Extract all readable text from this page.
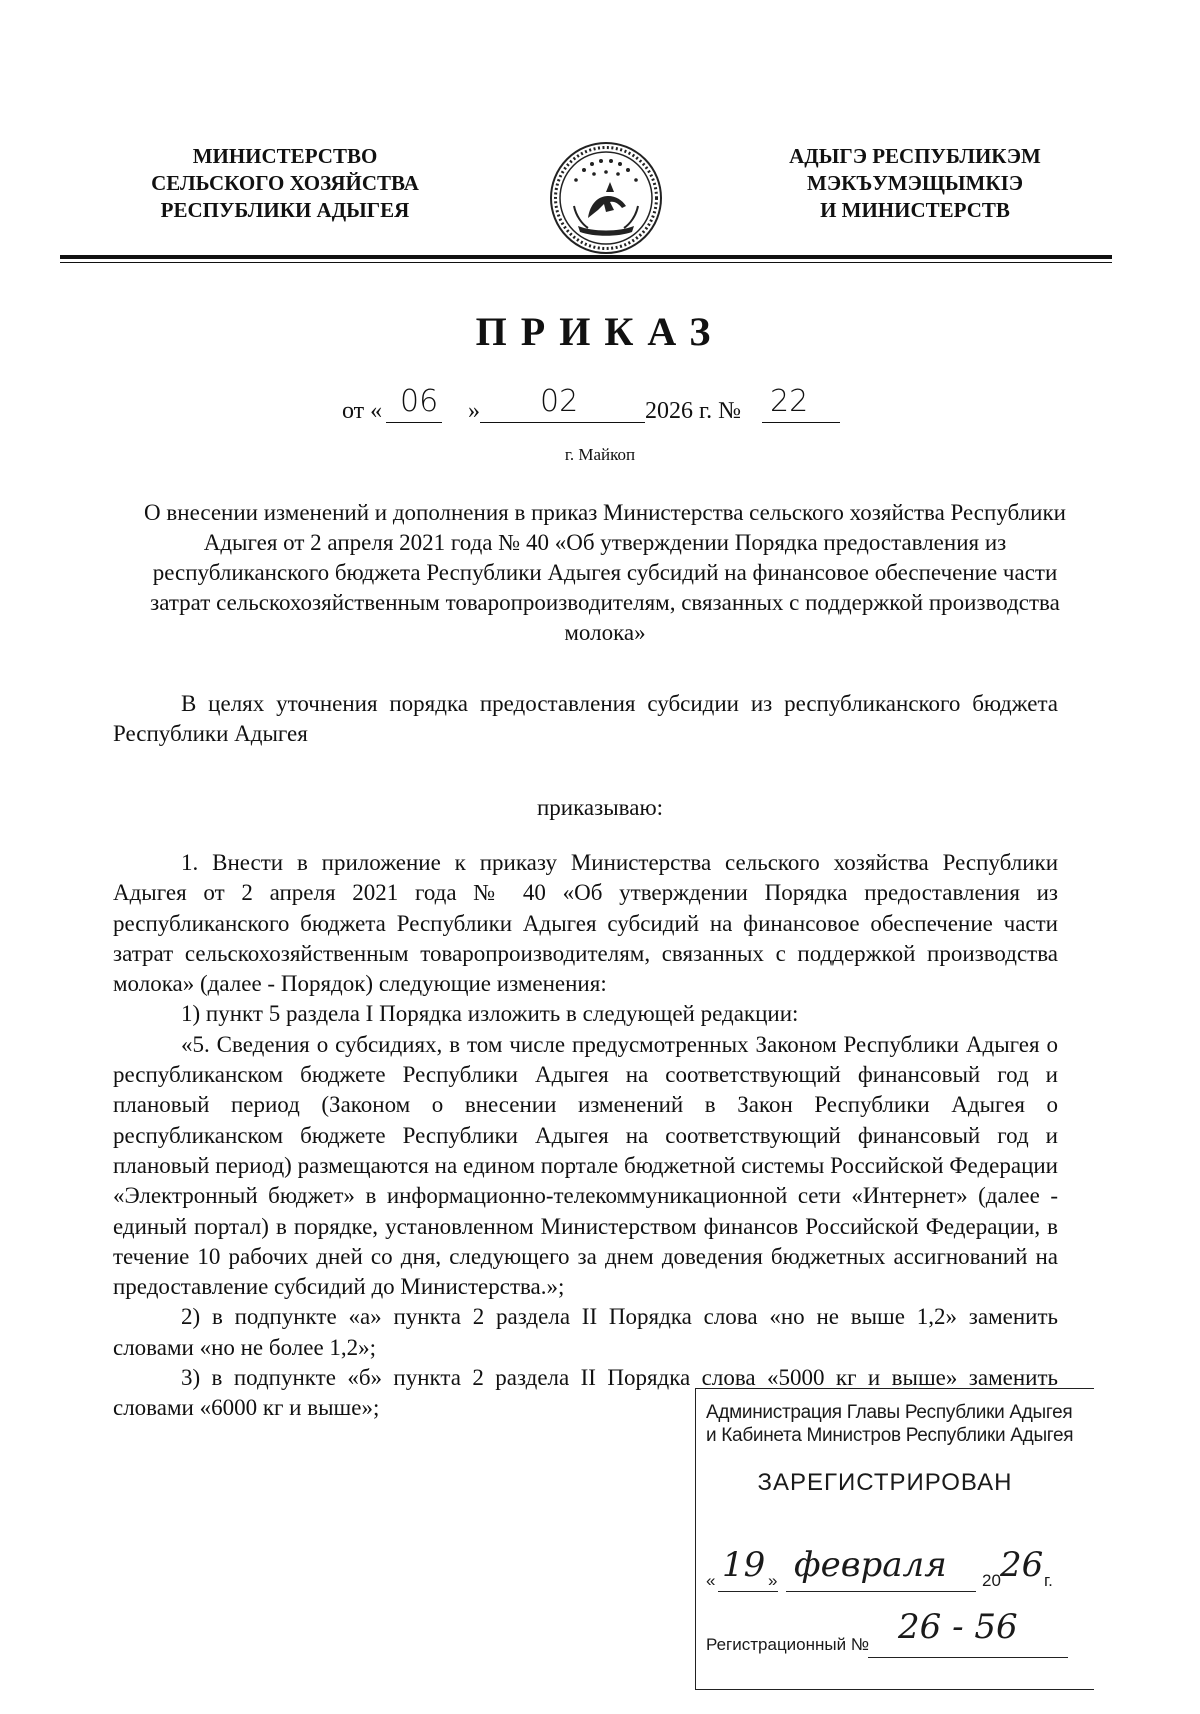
МИНИСТЕРСТВО
СЕЛЬСКОГО ХОЗЯЙСТВА
РЕСПУБЛИКИ АДЫГЕЯ
АДЫГЭ РЕСПУБЛИКЭМ
МЭКЪУМЭЩЫМКIЭ
И МИНИСТЕРСТВ
ПРИКАЗ
от « 06 » 02	2026 г. № 22
г. Майкоп
О внесении изменений и дополнения в приказ Министерства сельского хозяйства Республики Адыгея от 2 апреля 2021 года № 40 «Об утверждении Порядка предоставления из республиканского бюджета Республики Адыгея субсидий на финансовое обеспечение части затрат сельскохозяйственным товаропроизводителям, связанных с поддержкой производства молока»
В целях уточнения порядка предоставления субсидии из республиканского бюджета Республики Адыгея
приказываю:

1. Внести в приложение к приказу Министерства сельского хозяйства Республики Адыгея от 2 апреля 2021 года № 40 «Об утверждении Порядка предоставления из республиканского бюджета Республики Адыгея субсидий на финансовое обеспечение части затрат сельскохозяйственным товаропроизводителям, связанных с поддержкой производства молока» (далее - Порядок) следующие изменения:

1) пункт 5 раздела I Порядка изложить в следующей редакции:

«5. Сведения о субсидиях, в том числе предусмотренных Законом Республики Адыгея о республиканском бюджете Республики Адыгея на соответствующий финансовый год и плановый период (Законом о внесении изменений в Закон Республики Адыгея о республиканском бюджете Республики Адыгея на соответствующий финансовый год и плановый период) размещаются на едином портале бюджетной системы Российской Федерации «Электронный бюджет» в информационно-телекоммуникационной сети «Интернет» (далее - единый портал) в порядке, установленном Министерством финансов Российской Федерации, в течение 10 рабочих дней со дня, следующего за днем доведения бюджетных ассигнований на предоставление субсидий до Министерства.»;

2) в подпункте «а» пункта 2 раздела II Порядка слова «но не выше 1,2» заменить словами «но не более 1,2»;

3) в подпункте «б» пункта 2 раздела II Порядка слова «5000 кг и выше» заменить словами «6000 кг и выше»;	Администрация Главы Республики Адыгея
и Кабинета Министров Республики Адыгея
ЗАРЕГИСТРИРОВАН
« 19 » февраля 20 26 г.
Регистрационный № 26 - 56
